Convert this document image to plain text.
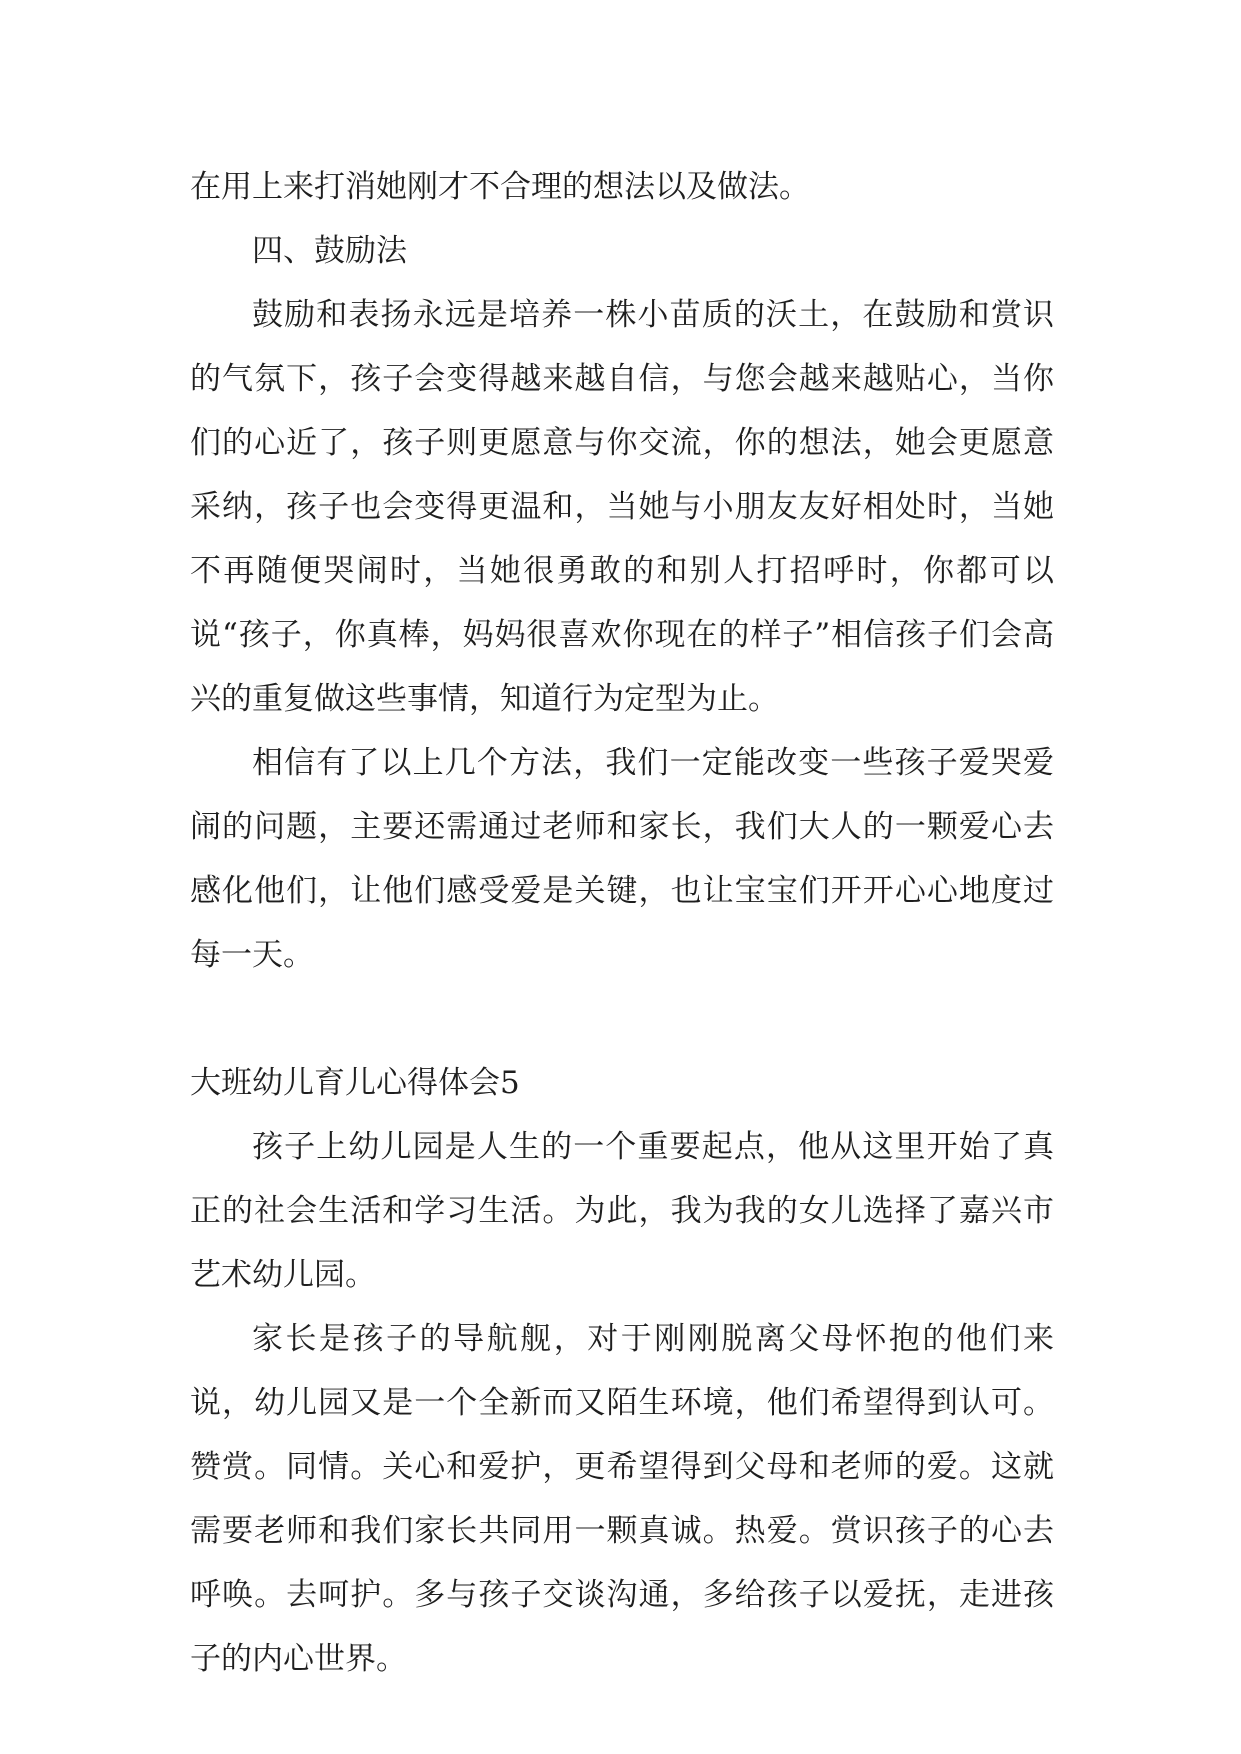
在用上来打消她刚才不合理的想法以及做法。

四、鼓励法

鼓励和表扬永远是培养一株小苗质的沃土，在鼓励和赏识的气氛下，孩子会变得越来越自信，与您会越来越贴心，当你们的心近了，孩子则更愿意与你交流，你的想法，她会更愿意采纳，孩子也会变得更温和，当她与小朋友友好相处时，当她不再随便哭闹时，当她很勇敢的和别人打招呼时，你都可以说“孩子，你真棒，妈妈很喜欢你现在的样子”相信孩子们会高兴的重复做这些事情，知道行为定型为止。

相信有了以上几个方法，我们一定能改变一些孩子爱哭爱闹的问题，主要还需通过老师和家长，我们大人的一颗爱心去感化他们，让他们感受爱是关键，也让宝宝们开开心心地度过每一天。

大班幼儿育儿心得体会5

孩子上幼儿园是人生的一个重要起点，他从这里开始了真正的社会生活和学习生活。为此，我为我的女儿选择了嘉兴市艺术幼儿园。

家长是孩子的导航舰，对于刚刚脱离父母怀抱的他们来说，幼儿园又是一个全新而又陌生环境，他们希望得到认可。赞赏。同情。关心和爱护，更希望得到父母和老师的爱。这就需要老师和我们家长共同用一颗真诚。热爱。赏识孩子的心去呼唤。去呵护。多与孩子交谈沟通，多给孩子以爱抚，走进孩子的内心世界。
